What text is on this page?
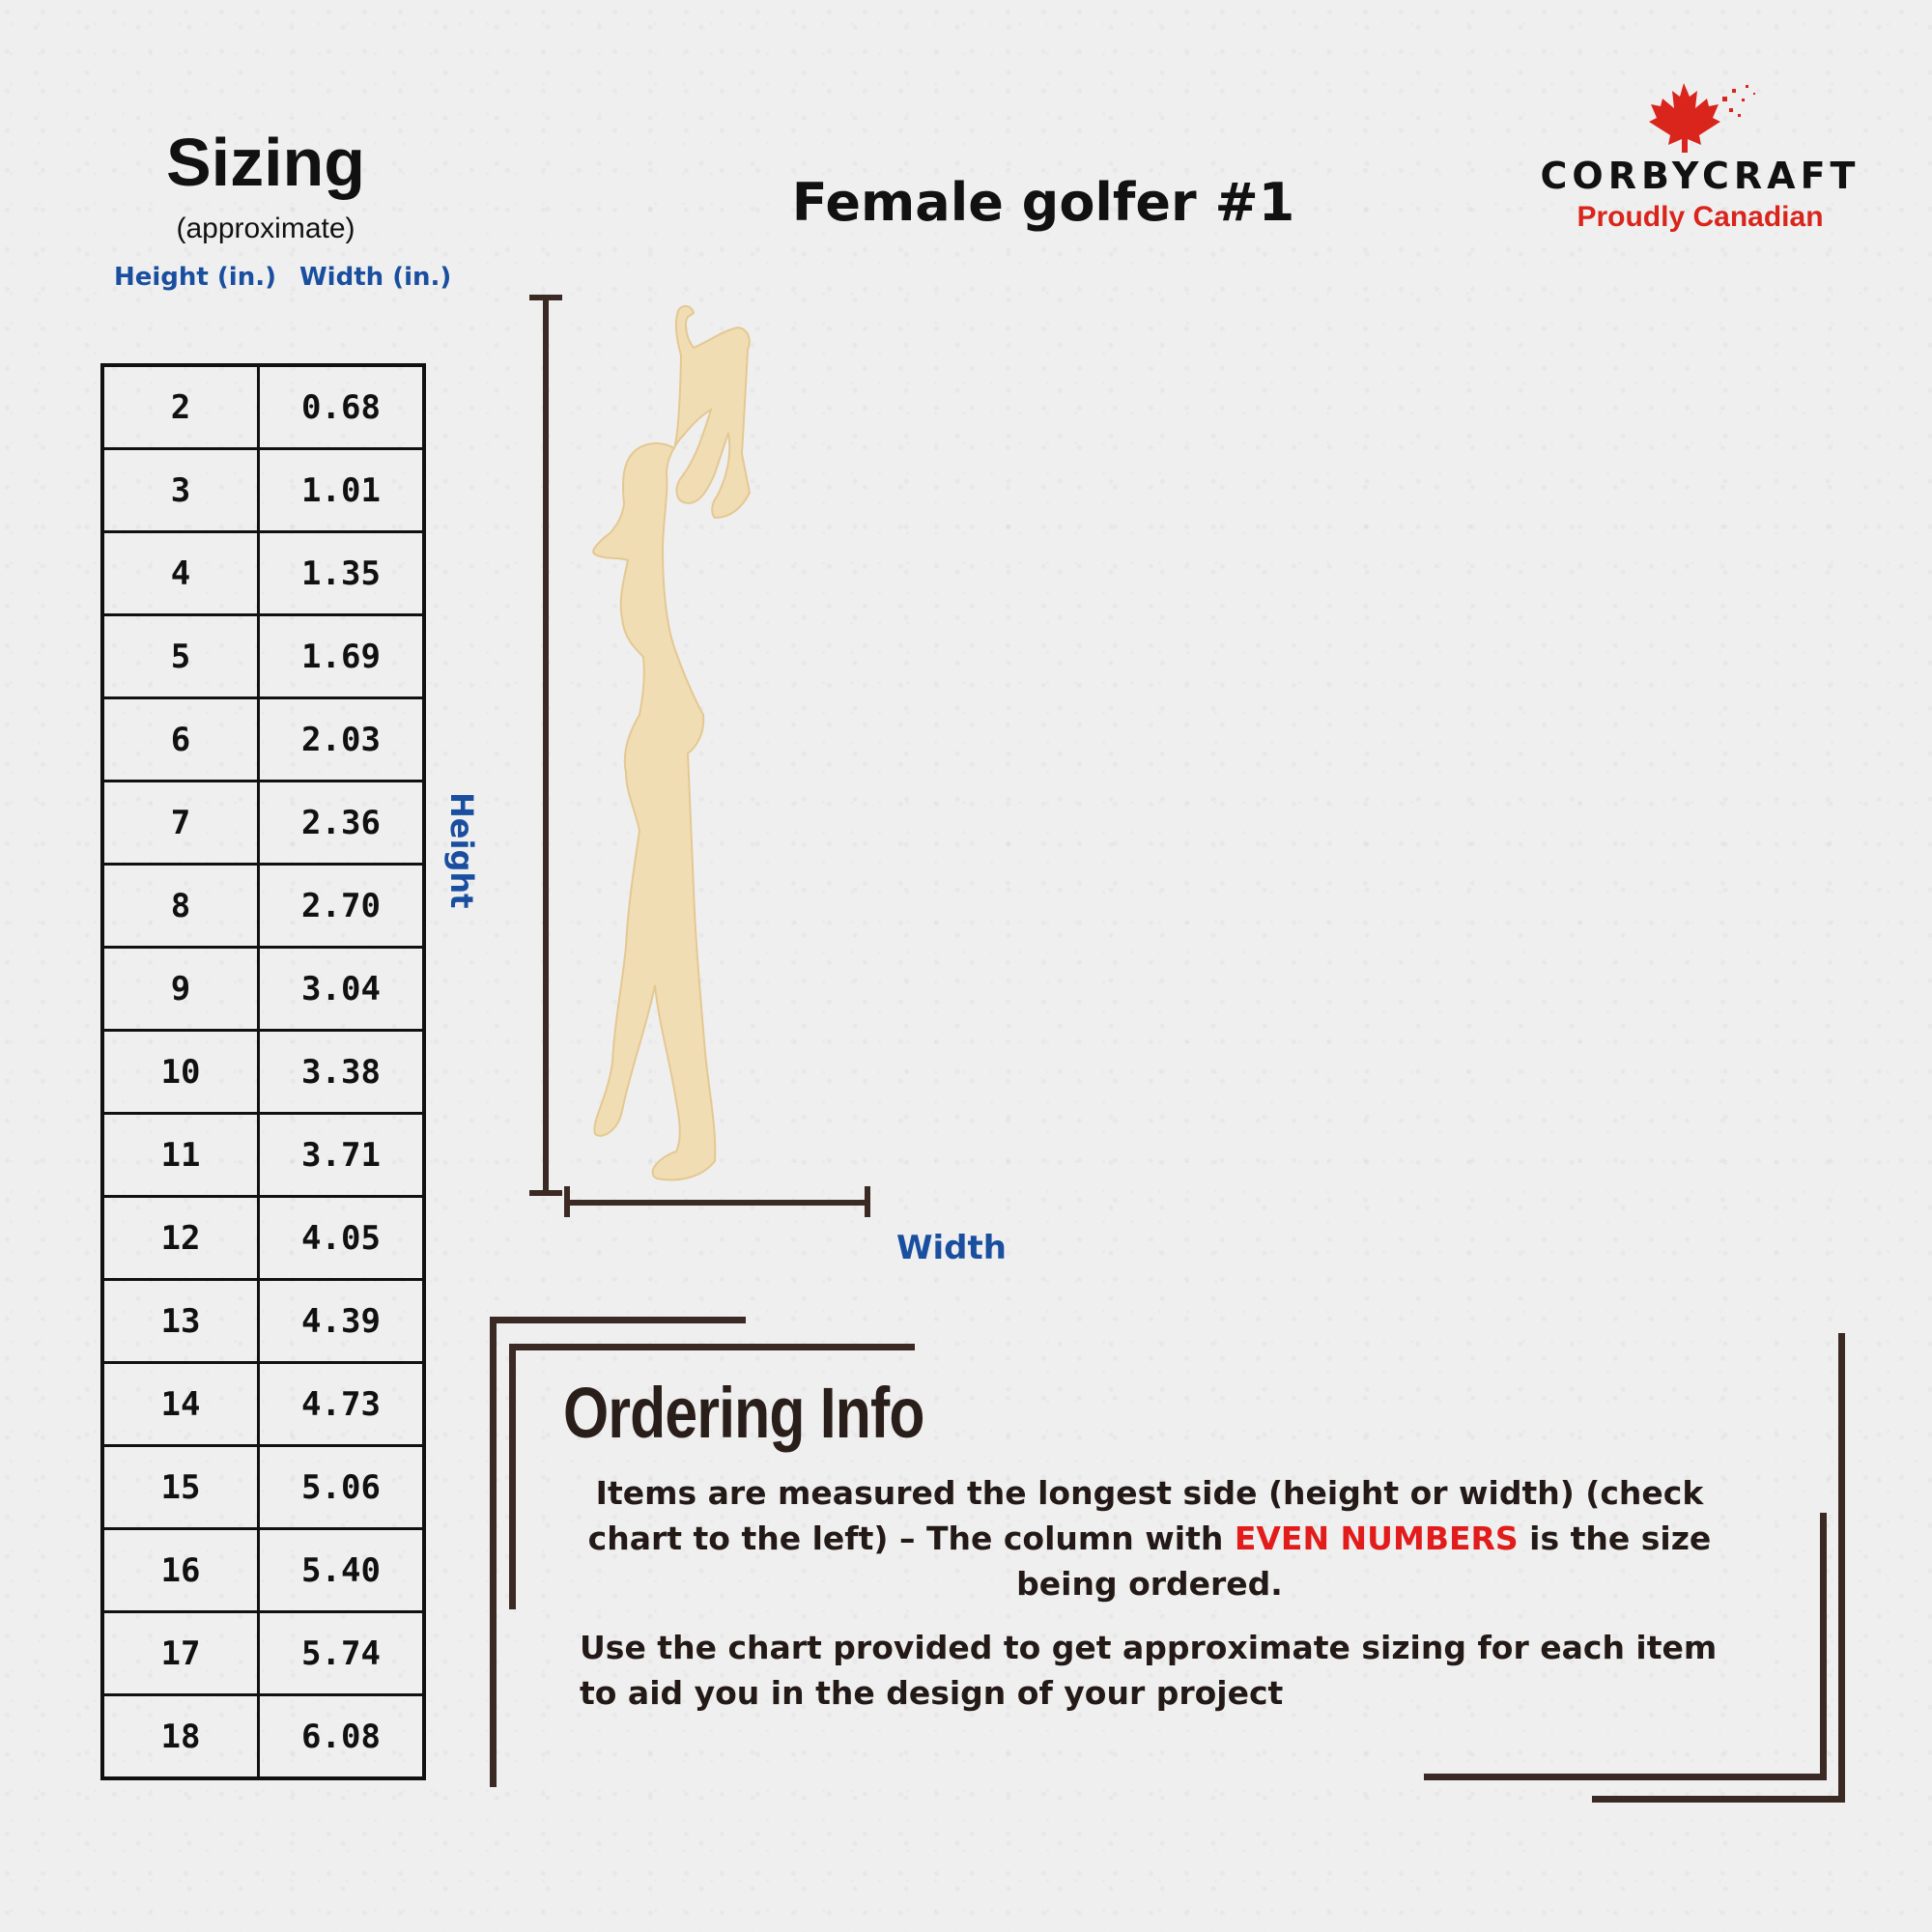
Sizing
(approximate)
Height (in.) Width (in.)
2	0.68
3	1.01
4	1.35
5	1.69
6	2.03
7	2.36
8	2.70
9	3.04
10	3.38
11	3.71
12	4.05
13	4.39
14	4.73
15	5.06
16	5.40
17	5.74
18	6.08
Female golfer #1	CORBYCRAFT
Proudly Canadian
Height
Width
Ordering Info
Items are measured the longest side (height or width) (check chart to the left) – The column with EVEN NUMBERS is the size being ordered.
Use the chart provided to get approximate sizing for each item to aid you in the design of your project
